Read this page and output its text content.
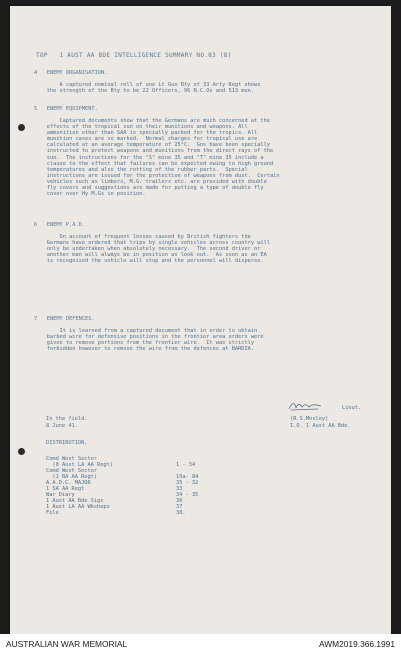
TOP   1 AUST AA BDE INTELLIGENCE SUMMARY NO.83 (8)
4   ENEMY ORGANISATION.
A captured nominal roll of one Lt Gun Bty of 33 Arty Regt shows
the strength of the Bty to be 22 Officers, 96 N.C.Os and 513 men.
5   ENEMY EQUIPMENT.
Captured documents show that the Germans are much concerned at the
effects of the tropical sun on their munitions and weapons. All
ammunition other than SAA is specially packed for the tropics. All
munition cases are so marked.  Normal charges for tropical use are
calculated at an average temperature of 25°C.  Gns have been specially
instructed to protect weapons and munitions from the direct rays of the
sun.  The instructions for the "S" mine 35 and "T" mine 35 include a
clause to the effect that failures can be expected owing to high ground
temperatures and also the rotting of the rubber parts.  Special
instructions are issued for the protection of weapons from dust.  Certain
vehicles such as limbers, M.G. trailers etc. are provided with double
fly covers and suggestions are made for putting a type of double fly
cover over Hy M.Gs in position.
6   ENEMY P.A.D.
On account of frequent losses caused by British fighters the
Germans have ordered that trips by single vehicles across country will
only be undertaken when absolutely necessary.  The second driver or
another man will always be in position as look out.  As soon as an EA
is recognised the vehicle will stop and the personnel will disperse.
7   ENEMY DEFENCES.
It is learned from a captured document that in order to obtain
barbed wire for defensive positions in the frontier area orders were
given to remove portions from the frontier wire.  It was strictly
forbidden however to remove the wire from the defences at BARDIA.
Lieut.
(R.S.Mosley)
I.O. 1 Aust AA Bde.
In the field.
8 June 41.
DISTRIBUTION.
Comd West Sector
(8 Aust LA AA Regt)	1 - 34
Comd West Sector
(1 BA AA Regt)	15a- 84
A.A.D.C. MAJOR	35 - 32
1 SA AA Regt	33
War Diary	34 - 35
1 Aust AA Bde Sigs	36
1 Aust LA AA Wkshops	37
File	38.
AUSTRALIAN WAR MEMORIAL	AWM2019.366.1991
